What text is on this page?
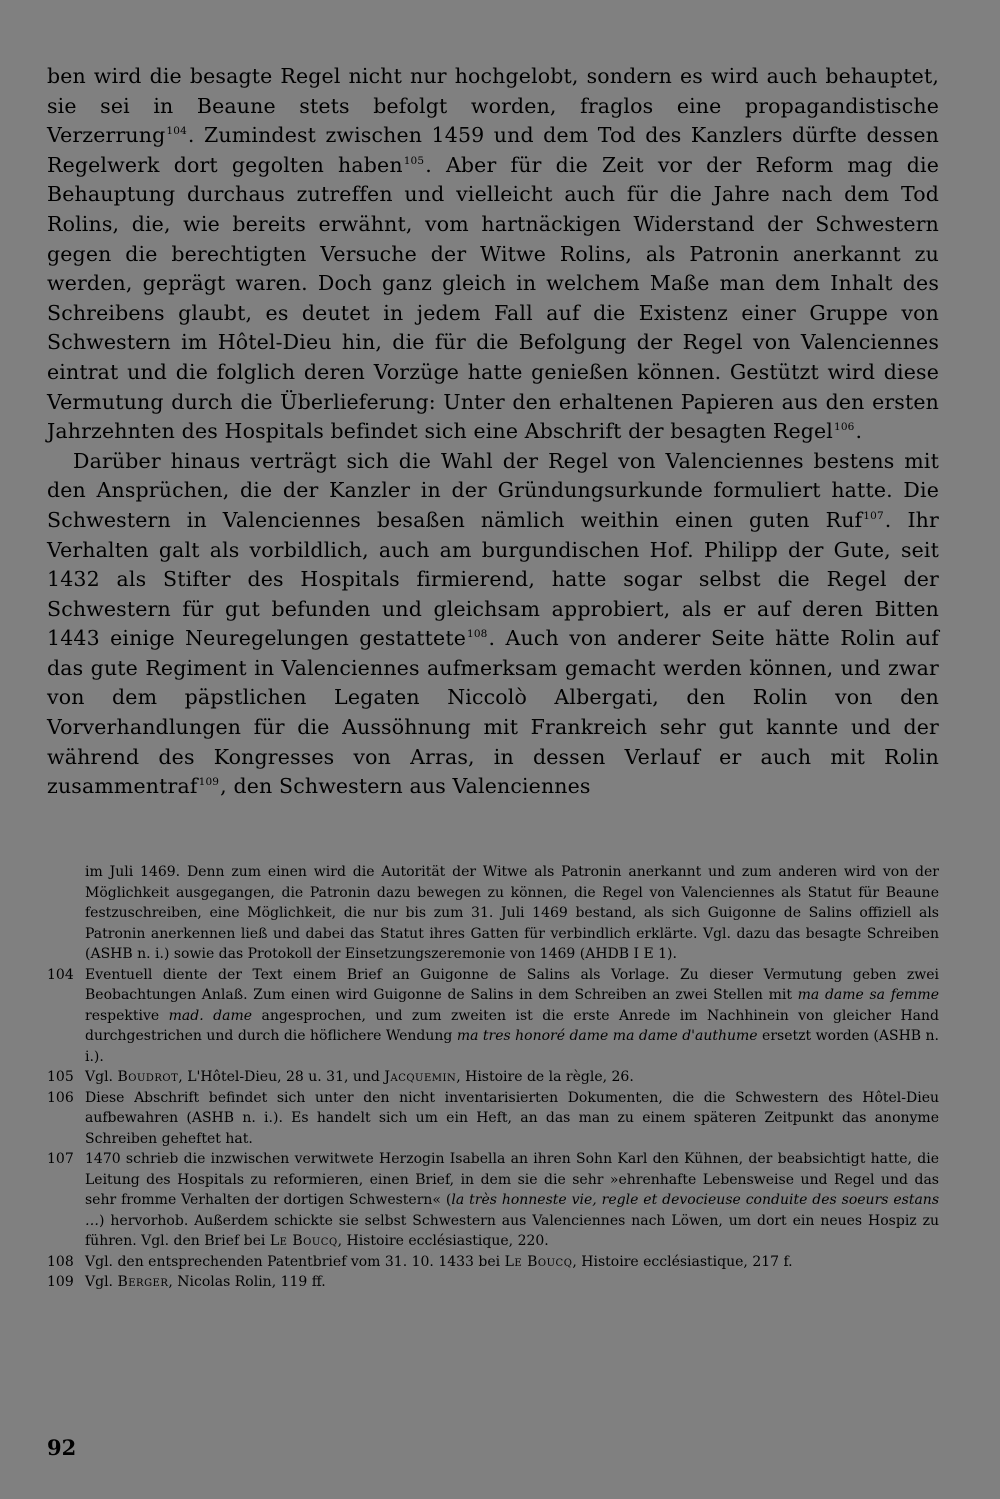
ben wird die besagte Regel nicht nur hochgelobt, sondern es wird auch behauptet, sie sei in Beaune stets befolgt worden, fraglos eine propagandistische Verzerrung$^{104}$. Zumindest zwischen 1459 und dem Tod des Kanzlers dürfte dessen Regelwerk dort gegolten haben$^{105}$. Aber für die Zeit vor der Reform mag die Behauptung durchaus zutreffen und vielleicht auch für die Jahre nach dem Tod Rolins, die, wie bereits erwähnt, vom hartnäckigen Widerstand der Schwestern gegen die berechtigten Versuche der Witwe Rolins, als Patronin anerkannt zu werden, geprägt waren. Doch ganz gleich in welchem Maße man dem Inhalt des Schreibens glaubt, es deutet in jedem Fall auf die Existenz einer Gruppe von Schwestern im Hôtel-Dieu hin, die für die Befolgung der Regel von Valenciennes eintrat und die folglich deren Vorzüge hatte genießen können. Gestützt wird diese Vermutung durch die Überlieferung: Unter den erhaltenen Papieren aus den ersten Jahrzehnten des Hospitals befindet sich eine Abschrift der besagten Regel$^{106}$.

Darüber hinaus verträgt sich die Wahl der Regel von Valenciennes bestens mit den Ansprüchen, die der Kanzler in der Gründungsurkunde formuliert hatte. Die Schwestern in Valenciennes besaßen nämlich weithin einen guten Ruf$^{107}$. Ihr Verhalten galt als vorbildlich, auch am burgundischen Hof. Philipp der Gute, seit 1432 als Stifter des Hospitals firmierend, hatte sogar selbst die Regel der Schwestern für gut befunden und gleichsam approbiert, als er auf deren Bitten 1443 einige Neuregelungen gestattete$^{108}$. Auch von anderer Seite hätte Rolin auf das gute Regiment in Valenciennes aufmerksam gemacht werden können, und zwar von dem päpstlichen Legaten Niccolò Albergati, den Rolin von den Vorverhandlungen für die Aussöhnung mit Frankreich sehr gut kannte und der während des Kongresses von Arras, in dessen Verlauf er auch mit Rolin zusammentraf$^{109}$, den Schwestern aus Valenciennes

im Juli 1469. Denn zum einen wird die Autorität der Witwe als Patronin anerkannt und zum anderen wird von der Möglichkeit ausgegangen, die Patronin dazu bewegen zu können, die Regel von Valenciennes als Statut für Beaune festzuschreiben, eine Möglichkeit, die nur bis zum 31. Juli 1469 bestand, als sich Guigonne de Salins offiziell als Patronin anerkennen ließ und dabei das Statut ihres Gatten für verbindlich erklärte. Vgl. dazu das besagte Schreiben (ASHB n. i.) sowie das Protokoll der Einsetzungszeremonie von 1469 (AHDB I E 1).
104 Eventuell diente der Text einem Brief an Guigonne de Salins als Vorlage. Zu dieser Vermutung geben zwei Beobachtungen Anlaß. Zum einen wird Guigonne de Salins in dem Schreiben an zwei Stellen mit ma dame sa femme respektive mad. dame angesprochen, und zum zweiten ist die erste Anrede im Nachhinein von gleicher Hand durchgestrichen und durch die höflichere Wendung ma tres honoré dame ma dame d'authume ersetzt worden (ASHB n. i.).
105 Vgl. Boudrot, L'Hôtel-Dieu, 28 u. 31, und Jacquemin, Histoire de la règle, 26.
106 Diese Abschrift befindet sich unter den nicht inventarisierten Dokumenten, die die Schwestern des Hôtel-Dieu aufbewahren (ASHB n. i.). Es handelt sich um ein Heft, an das man zu einem späteren Zeitpunkt das anonyme Schreiben geheftet hat.
107 1470 schrieb die inzwischen verwitwete Herzogin Isabella an ihren Sohn Karl den Kühnen, der beabsichtigt hatte, die Leitung des Hospitals zu reformieren, einen Brief, in dem sie die sehr »ehrenhafte Lebensweise und Regel und das sehr fromme Verhalten der dortigen Schwestern« (la très honneste vie, regle et devocieuse conduite des soeurs estans …) hervorhob. Außerdem schickte sie selbst Schwestern aus Valenciennes nach Löwen, um dort ein neues Hospiz zu führen. Vgl. den Brief bei Le Boucq, Histoire ecclésiastique, 220.
108 Vgl. den entsprechenden Patentbrief vom 31. 10. 1433 bei Le Boucq, Histoire ecclésiastique, 217 f.
109 Vgl. Berger, Nicolas Rolin, 119 ff.
92
